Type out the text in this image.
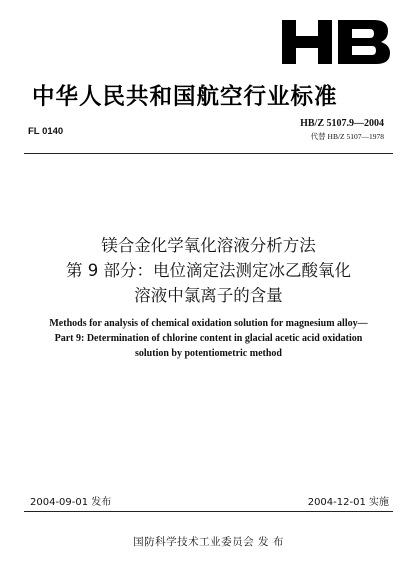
中华人民共和国航空行业标准
FL 0140
HB/Z 5107.9—2004
代替 HB/Z 5107—1978
镁合金化学氧化溶液分析方法
第 9 部分：电位滴定法测定冰乙酸氧化
溶液中氯离子的含量
Methods for analysis of chemical oxidation solution for magnesium alloy—
Part 9: Determination of chlorine content in glacial acetic acid oxidation
solution by potentiometric method
2004-09-01 发布	2004-12-01 实施
国防科学技术工业委员会 发 布
